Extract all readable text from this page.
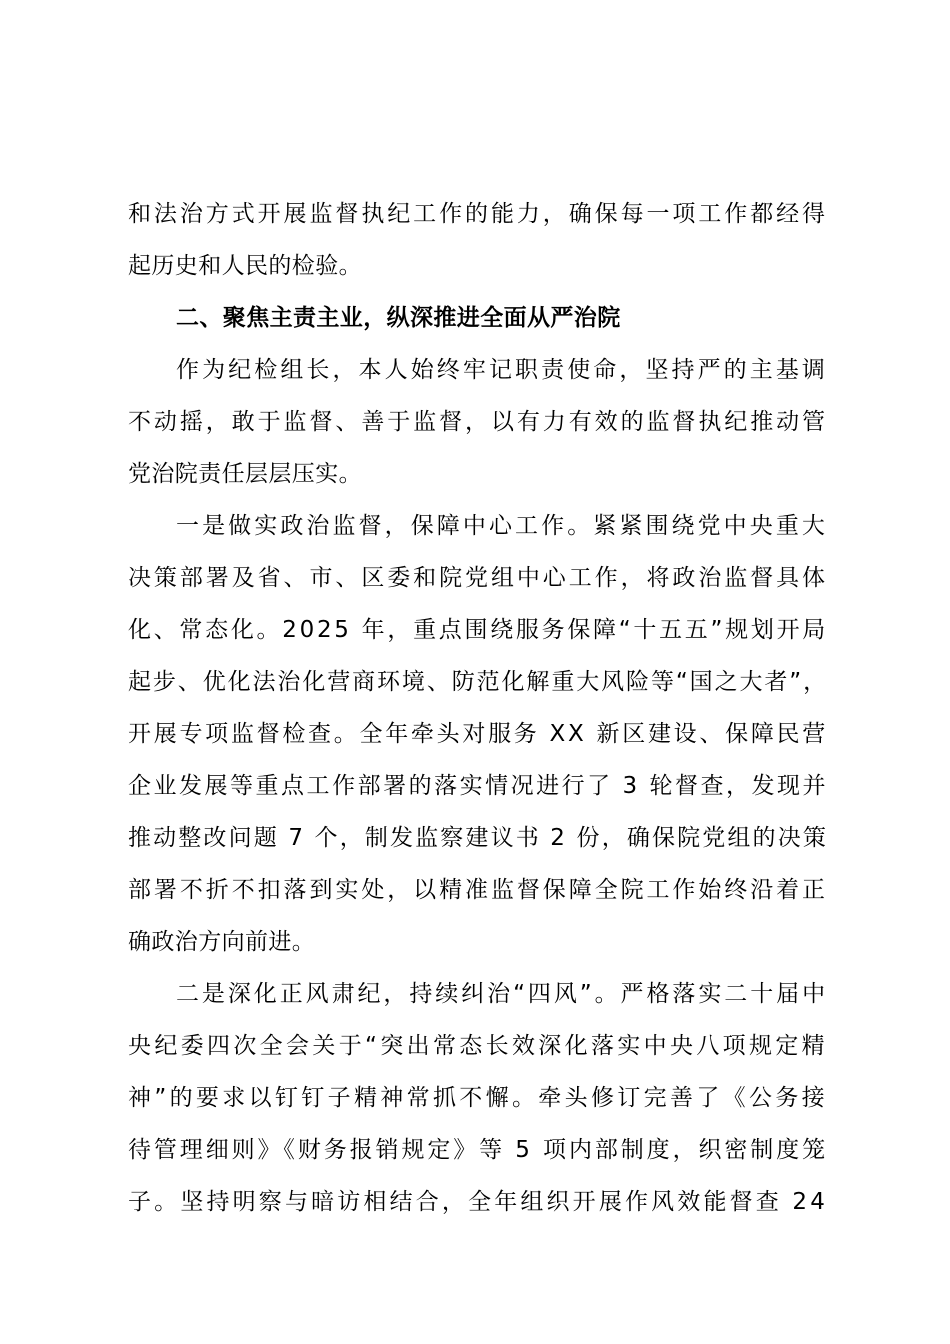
和法治方式开展监督执纪工作的能力，确保每一项工作都经得
起历史和人民的检验。
二、聚焦主责主业，纵深推进全面从严治院
作为纪检组长，本人始终牢记职责使命，坚持严的主基调
不动摇，敢于监督、善于监督，以有力有效的监督执纪推动管
党治院责任层层压实。
一是做实政治监督，保障中心工作。紧紧围绕党中央重大
决策部署及省、市、区委和院党组中心工作，将政治监督具体
化、常态化。2025 年，重点围绕服务保障“十五五”规划开局
起步、优化法治化营商环境、防范化解重大风险等“国之大者”，
开展专项监督检查。全年牵头对服务 XX 新区建设、保障民营
企业发展等重点工作部署的落实情况进行了 3 轮督查，发现并
推动整改问题 7 个，制发监察建议书 2 份，确保院党组的决策
部署不折不扣落到实处，以精准监督保障全院工作始终沿着正
确政治方向前进。
二是深化正风肃纪，持续纠治“四风”。严格落实二十届中
央纪委四次全会关于“突出常态长效深化落实中央八项规定精
神”的要求以钉钉子精神常抓不懈。牵头修订完善了《公务接
待管理细则》《财务报销规定》等 5 项内部制度，织密制度笼
子。坚持明察与暗访相结合，全年组织开展作风效能督查 24
